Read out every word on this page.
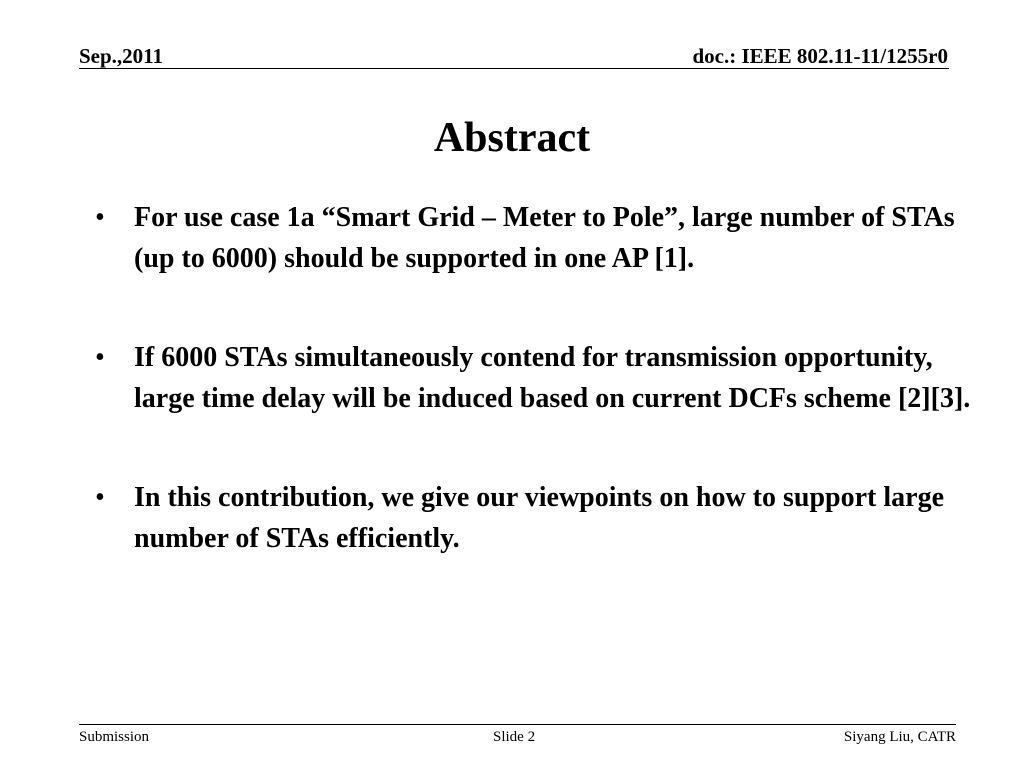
Sep.,2011	doc.: IEEE 802.11-11/1255r0
Abstract
• For use case 1a “Smart Grid – Meter to Pole”, large number of STAs (up to 6000) should be supported in one AP [1].
• If 6000 STAs simultaneously contend for transmission opportunity, large time delay will be induced based on current DCFs scheme [2][3].
• In this contribution, we give our viewpoints on how to support large number of STAs efficiently.
Submission	Slide 2	Siyang Liu, CATR
